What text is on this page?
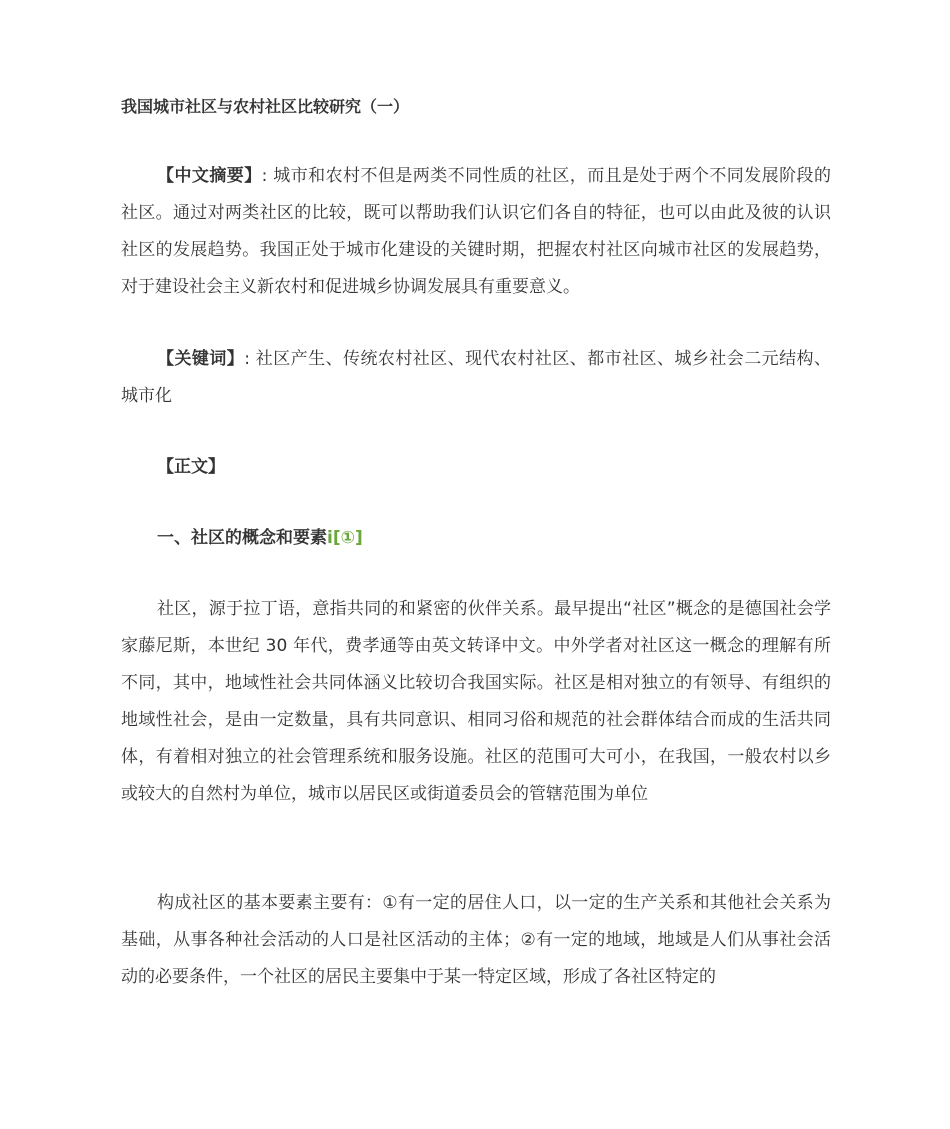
我国城市社区与农村社区比较研究（一）
【中文摘要】: 城市和农村不但是两类不同性质的社区，而且是处于两个不同发展阶段的社区。通过对两类社区的比较，既可以帮助我们认识它们各自的特征，也可以由此及彼的认识社区的发展趋势。我国正处于城市化建设的关键时期，把握农村社区向城市社区的发展趋势，对于建设社会主义新农村和促进城乡协调发展具有重要意义。
【关键词】: 社区产生、传统农村社区、现代农村社区、都市社区、城乡社会二元结构、城市化
【正文】
一、社区的概念和要素i[①]
社区，源于拉丁语，意指共同的和紧密的伙伴关系。最早提出“社区”概念的是德国社会学家藤尼斯，本世纪 30 年代，费孝通等由英文转译中文。中外学者对社区这一概念的理解有所不同，其中，地域性社会共同体涵义比较切合我国实际。社区是相对独立的有领导、有组织的地域性社会，是由一定数量，具有共同意识、相同习俗和规范的社会群体结合而成的生活共同体，有着相对独立的社会管理系统和服务设施。社区的范围可大可小，在我国，一般农村以乡或较大的自然村为单位，城市以居民区或街道委员会的管辖范围为单位
构成社区的基本要素主要有：①有一定的居住人口，以一定的生产关系和其他社会关系为基础，从事各种社会活动的人口是社区活动的主体；②有一定的地域，地域是人们从事社会活动的必要条件，一个社区的居民主要集中于某一特定区域，形成了各社区特定的
